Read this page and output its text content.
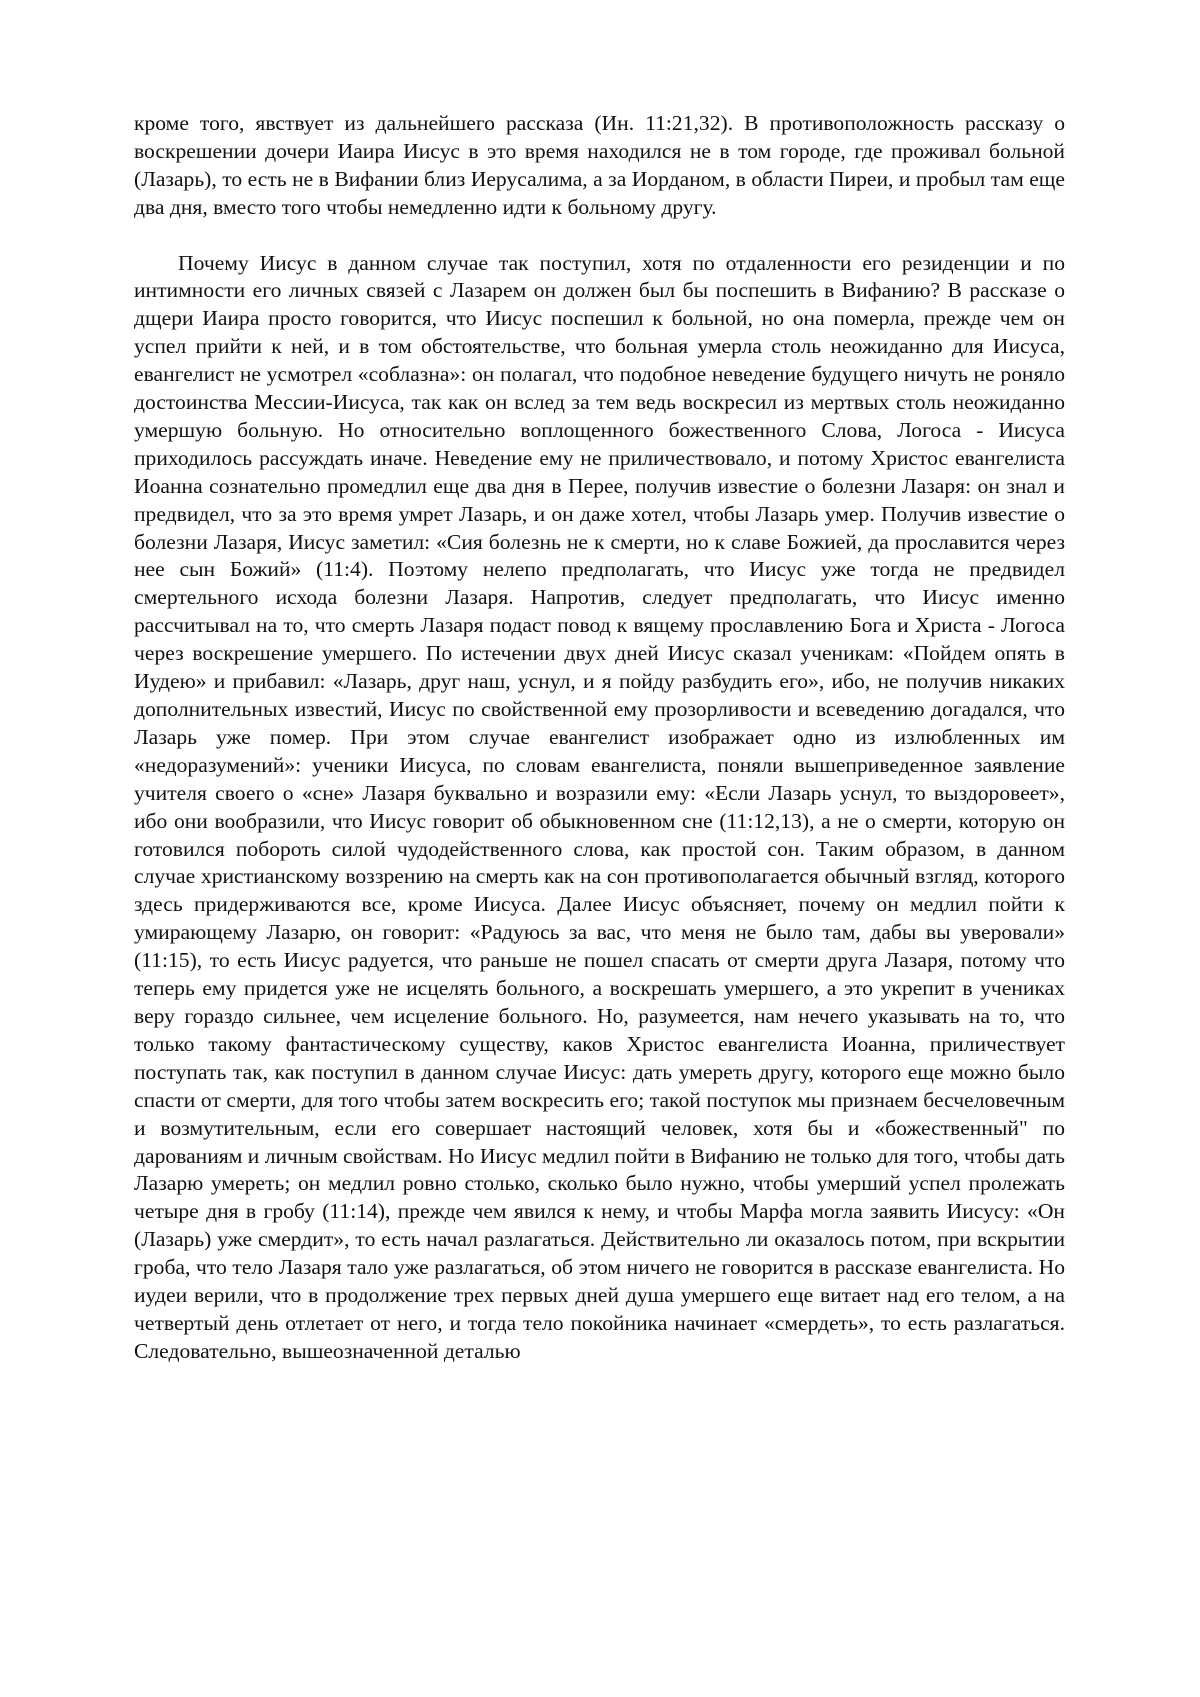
кроме того, явствует из дальнейшего рассказа (Ин. 11:21,32). В противоположность рассказу о воскрешении дочери Иаира Иисус в это время находился не в том городе, где проживал больной (Лазарь), то есть не в Вифании близ Иерусалима, а за Иорданом, в области Пиреи, и пробыл там еще два дня, вместо того чтобы немедленно идти к больному другу.

Почему Иисус в данном случае так поступил, хотя по отдаленности его резиденции и по интимности его личных связей с Лазарем он должен был бы поспешить в Вифанию? В рассказе о дщери Иаира просто говорится, что Иисус поспешил к больной, но она померла, прежде чем он успел прийти к ней, и в том обстоятельстве, что больная умерла столь неожиданно для Иисуса, евангелист не усмотрел «соблазна»: он полагал, что подобное неведение будущего ничуть не роняло достоинства Мессии-Иисуса, так как он вслед за тем ведь воскресил из мертвых столь неожиданно умершую больную. Но относительно воплощенного божественного Слова, Логоса - Иисуса приходилось рассуждать иначе. Неведение ему не приличествовало, и потому Христос евангелиста Иоанна сознательно промедлил еще два дня в Перее, получив известие о болезни Лазаря: он знал и предвидел, что за это время умрет Лазарь, и он даже хотел, чтобы Лазарь умер. Получив известие о болезни Лазаря, Иисус заметил: «Сия болезнь не к смерти, но к славе Божией, да прославится через нее сын Божий» (11:4). Поэтому нелепо предполагать, что Иисус уже тогда не предвидел смертельного исхода болезни Лазаря. Напротив, следует предполагать, что Иисус именно рассчитывал на то, что смерть Лазаря подаст повод к вящему прославлению Бога и Христа - Логоса через воскрешение умершего. По истечении двух дней Иисус сказал ученикам: «Пойдем опять в Иудею» и прибавил: «Лазарь, друг наш, уснул, и я пойду разбудить его», ибо, не получив никаких дополнительных известий, Иисус по свойственной ему прозорливости и всеведению догадался, что Лазарь уже помер. При этом случае евангелист изображает одно из излюбленных им «недоразумений»: ученики Иисуса, по словам евангелиста, поняли вышеприведенное заявление учителя своего о «сне» Лазаря буквально и возразили ему: «Если Лазарь уснул, то выздоровеет», ибо они вообразили, что Иисус говорит об обыкновенном сне (11:12,13), а не о смерти, которую он готовился побороть силой чудодейственного слова, как простой сон. Таким образом, в данном случае христианскому воззрению на смерть как на сон противополагается обычный взгляд, которого здесь придерживаются все, кроме Иисуса. Далее Иисус объясняет, почему он медлил пойти к умирающему Лазарю, он говорит: «Радуюсь за вас, что меня не было там, дабы вы уверовали» (11:15), то есть Иисус радуется, что раньше не пошел спасать от смерти друга Лазаря, потому что теперь ему придется уже не исцелять больного, а воскрешать умершего, а это укрепит в учениках веру гораздо сильнее, чем исцеление больного. Но, разумеется, нам нечего указывать на то, что только такому фантастическому существу, каков Христос евангелиста Иоанна, приличествует поступать так, как поступил в данном случае Иисус: дать умереть другу, которого еще можно было спасти от смерти, для того чтобы затем воскресить его; такой поступок мы признаем бесчеловечным и возмутительным, если его совершает настоящий человек, хотя бы и «божественный" по дарованиям и личным свойствам. Но Иисус медлил пойти в Вифанию не только для того, чтобы дать Лазарю умереть; он медлил ровно столько, сколько было нужно, чтобы умерший успел пролежать четыре дня в гробу (11:14), прежде чем явился к нему, и чтобы Марфа могла заявить Иисусу: «Он (Лазарь) уже смердит», то есть начал разлагаться. Действительно ли оказалось потом, при вскрытии гроба, что тело Лазаря тало уже разлагаться, об этом ничего не говорится в рассказе евангелиста. Но иудеи верили, что в продолжение трех первых дней душа умершего еще витает над его телом, а на четвертый день отлетает от него, и тогда тело покойника начинает «смердеть», то есть разлагаться. Следовательно, вышеозначенной деталью
